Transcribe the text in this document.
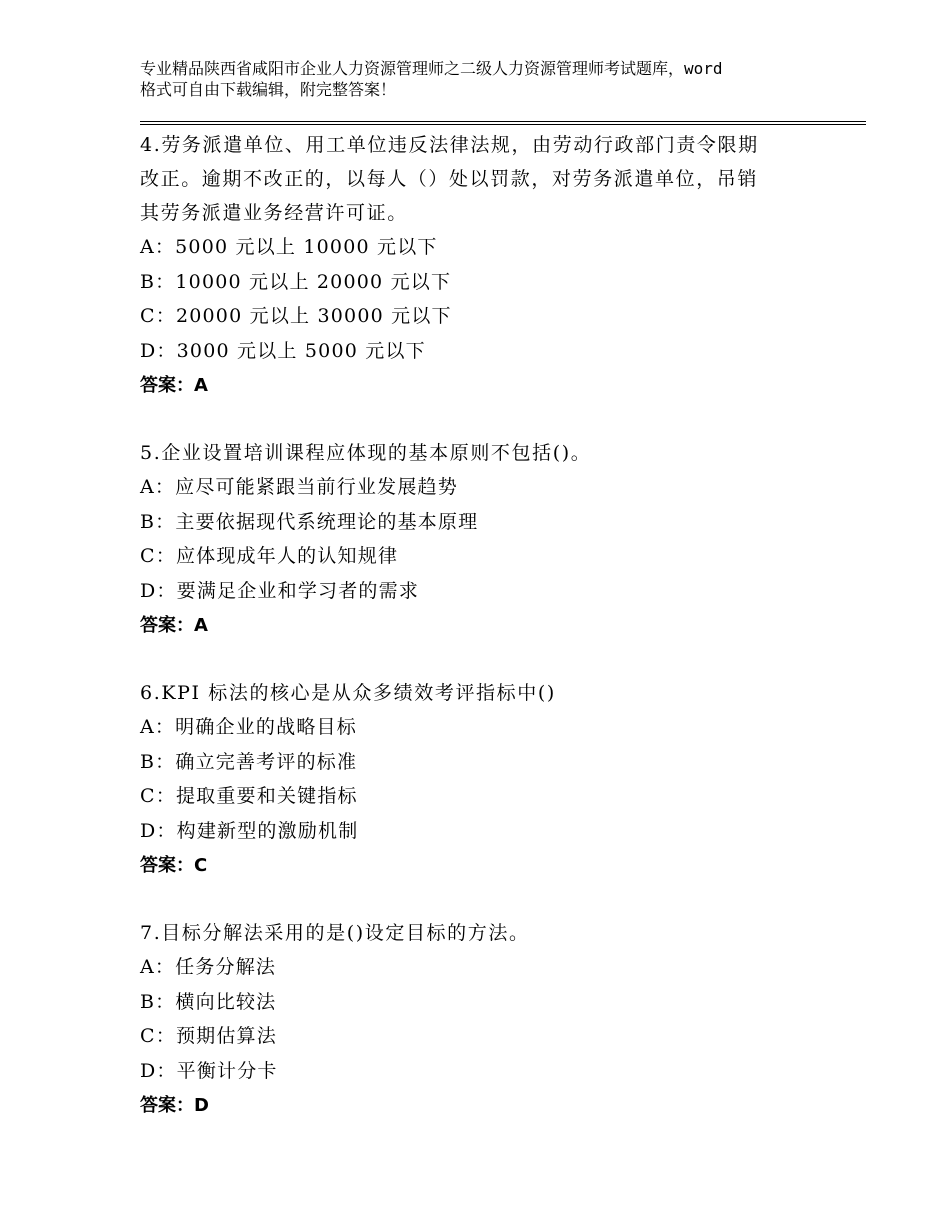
专业精品陕西省咸阳市企业人力资源管理师之二级人力资源管理师考试题库，word
格式可自由下载编辑，附完整答案！
4.劳务派遣单位、用工单位违反法律法规，由劳动行政部门责令限期
改正。逾期不改正的，以每人（）处以罚款，对劳务派遣单位，吊销
其劳务派遣业务经营许可证。
A：5000 元以上 10000 元以下
B：10000 元以上 20000 元以下
C：20000 元以上 30000 元以下
D：3000 元以上 5000 元以下
答案：A
5.企业设置培训课程应体现的基本原则不包括()。
A：应尽可能紧跟当前行业发展趋势
B：主要依据现代系统理论的基本原理
C：应体现成年人的认知规律
D：要满足企业和学习者的需求
答案：A
6.KPI 标法的核心是从众多绩效考评指标中()
A：明确企业的战略目标
B：确立完善考评的标准
C：提取重要和关键指标
D：构建新型的激励机制
答案：C
7.目标分解法采用的是()设定目标的方法。
A：任务分解法
B：横向比较法
C：预期估算法
D：平衡计分卡
答案：D
